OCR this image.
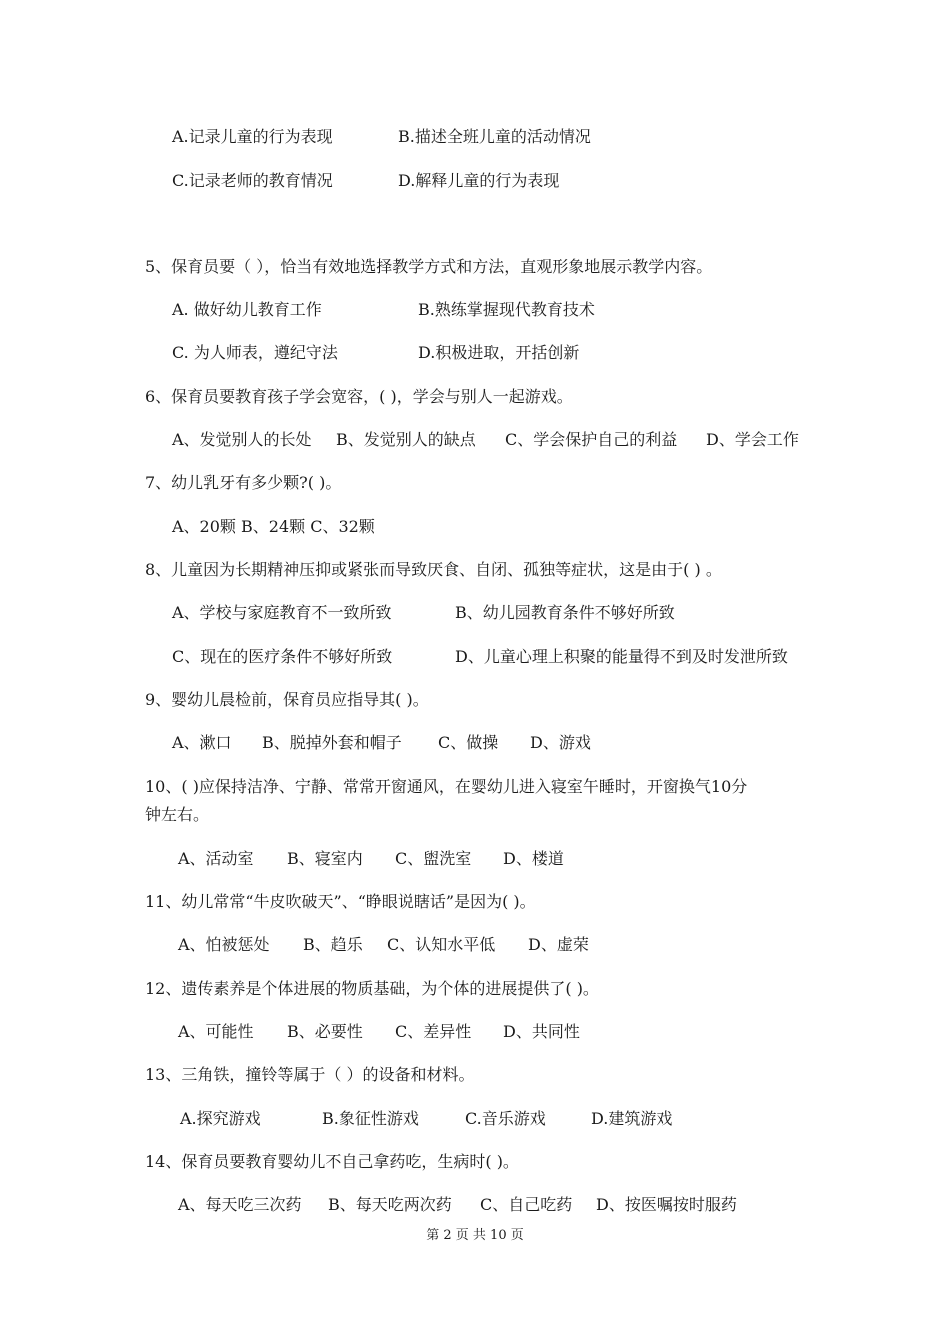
A.记录儿童的行为表现	B.描述全班儿童的活动情况
C.记录老师的教育情况	D.解释儿童的行为表现
5、保育员要（ ），恰当有效地选择教学方式和方法，直观形象地展示教学内容。
A. 做好幼儿教育工作	B.熟练掌握现代教育技术
C. 为人师表，遵纪守法	D.积极进取，开括创新
6、保育员要教育孩子学会宽容，( )，学会与别人一起游戏。
A、发觉别人的长处 B、发觉别人的缺点 C、学会保护自己的利益 D、学会工作
7、幼儿乳牙有多少颗?( )。
A、20颗 B、24颗 C、32颗
8、儿童因为长期精神压抑或紧张而导致厌食、自闭、孤独等症状，这是由于( ) 。
A、学校与家庭教育不一致所致	B、幼儿园教育条件不够好所致
C、现在的医疗条件不够好所致	D、儿童心理上积聚的能量得不到及时发泄所致
9、婴幼儿晨检前，保育员应指导其( )。
A、漱口 B、脱掉外套和帽子 C、做操 D、游戏
10、( )应保持洁净、宁静、常常开窗通风，在婴幼儿进入寝室午睡时，开窗换气10分
钟左右。
A、活动室 B、寝室内 C、盥洗室 D、楼道
11、幼儿常常“牛皮吹破天”、“睁眼说瞎话”是因为( )。
A、怕被惩处 B、趋乐 C、认知水平低 D、虚荣
12、遗传素养是个体进展的物质基础，为个体的进展提供了( )。
A、可能性 B、必要性 C、差异性 D、共同性
13、三角铁，撞铃等属于（ ）的设备和材料。
A.探究游戏	B.象征性游戏	C.音乐游戏	D.建筑游戏
14、保育员要教育婴幼儿不自己拿药吃，生病时( )。
A、每天吃三次药 B、每天吃两次药 C、自己吃药 D、按医嘱按时服药
第 2 页 共 10 页
